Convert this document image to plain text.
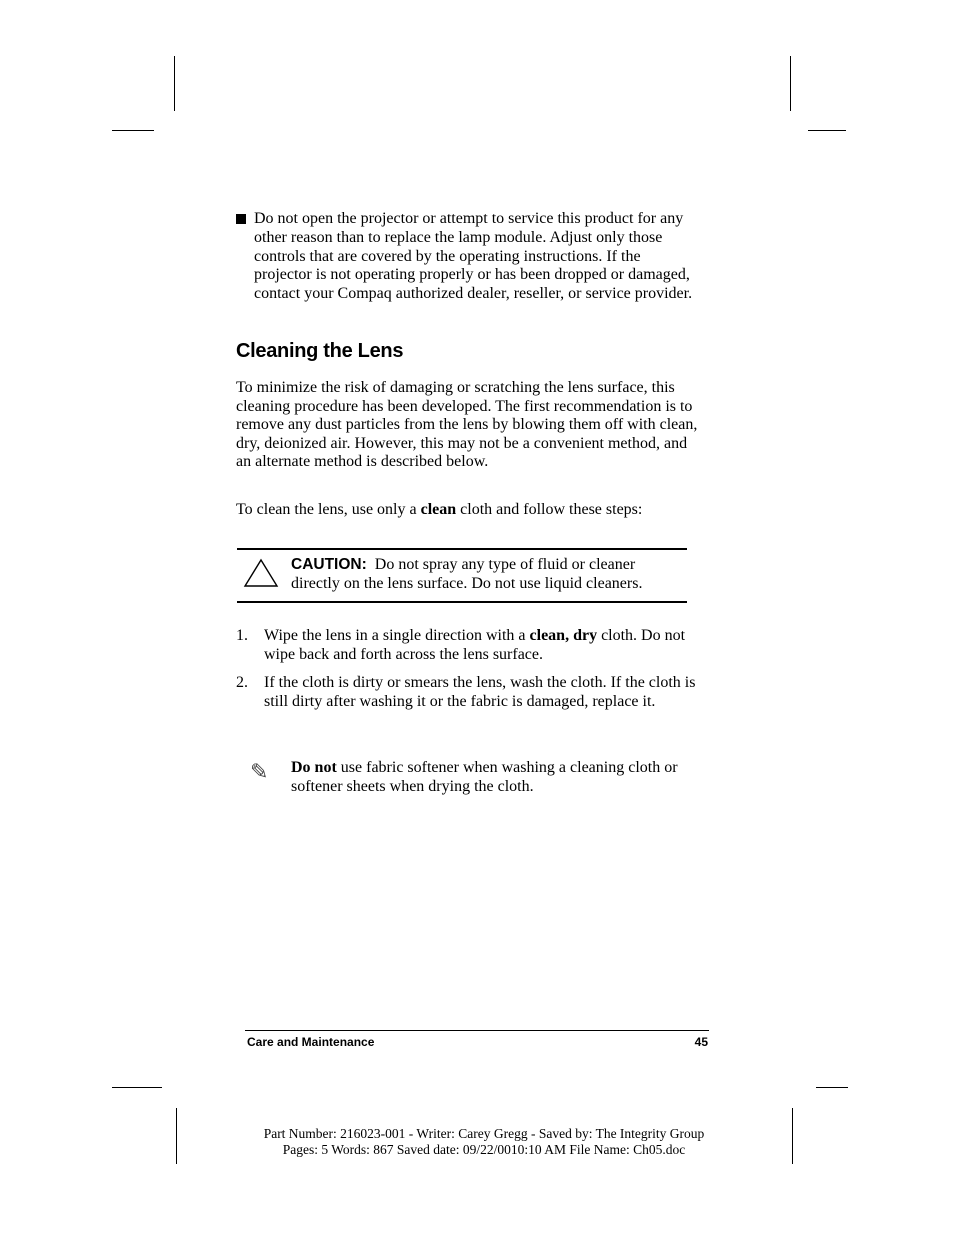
Do not open the projector or attempt to service this product for any other reason than to replace the lamp module. Adjust only those controls that are covered by the operating instructions. If the projector is not operating properly or has been dropped or damaged, contact your Compaq authorized dealer, reseller, or service provider.
Cleaning the Lens
To minimize the risk of damaging or scratching the lens surface, this cleaning procedure has been developed. The first recommendation is to remove any dust particles from the lens by blowing them off with clean, dry, deionized air. However, this may not be a convenient method, and an alternate method is described below.
To clean the lens, use only a clean cloth and follow these steps:
CAUTION: Do not spray any type of fluid or cleaner directly on the lens surface. Do not use liquid cleaners.
1. Wipe the lens in a single direction with a clean, dry cloth. Do not wipe back and forth across the lens surface.
2. If the cloth is dirty or smears the lens, wash the cloth. If the cloth is still dirty after washing it or the fabric is damaged, replace it.
✎ Do not use fabric softener when washing a cleaning cloth or softener sheets when drying the cloth.
Care and Maintenance	45
Part Number: 216023-001 - Writer: Carey Gregg - Saved by: The Integrity Group
Pages: 5 Words: 867 Saved date: 09/22/0010:10 AM File Name: Ch05.doc
